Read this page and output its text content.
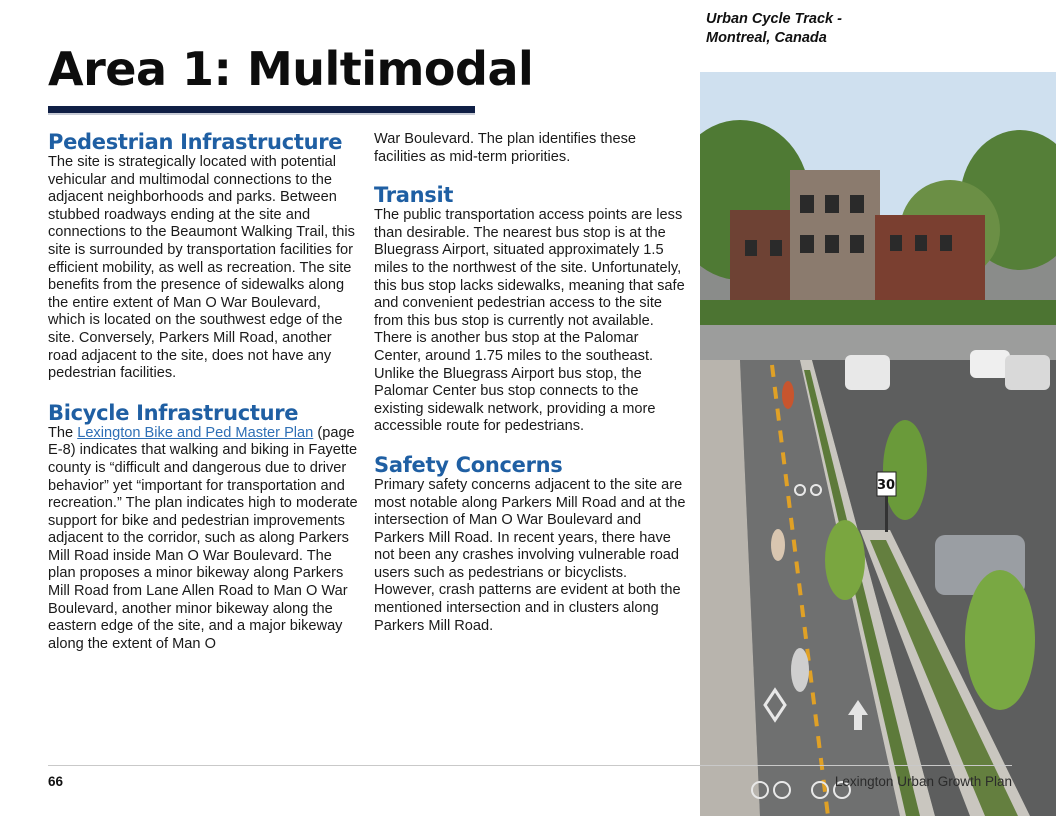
Area 1: Multimodal
Pedestrian Infrastructure

The site is strategically located with potential vehicular and multimodal connections to the adjacent neighborhoods and parks. Between stubbed roadways ending at the site and connections to the Beaumont Walking Trail, this site is surrounded by transportation facilities for efficient mobility, as well as recreation. The site benefits from the presence of sidewalks along the entire extent of Man O War Boulevard, which is located on the southwest edge of the site. Conversely, Parkers Mill Road, another road adjacent to the site, does not have any pedestrian facilities.

Bicycle Infrastructure

The Lexington Bike and Ped Master Plan (page E-8) indicates that walking and biking in Fayette county is “difficult and dangerous due to driver behavior” yet “important for transportation and recreation.” The plan indicates high to moderate support for bike and pedestrian improvements adjacent to the corridor, such as along Parkers Mill Road inside Man O War Boulevard. The plan proposes a minor bikeway along Parkers Mill Road from Lane Allen Road to Man O War Boulevard, another minor bikeway along the eastern edge of the site, and a major bikeway along the extent of Man O

War Boulevard. The plan identifies these facilities as mid-term priorities.

Transit

The public transportation access points are less than desirable. The nearest bus stop is at the Bluegrass Airport, situated approximately 1.5 miles to the northwest of the site. Unfortunately, this bus stop lacks sidewalks, meaning that safe and convenient pedestrian access to the site from this bus stop is currently not available. There is another bus stop at the Palomar Center, around 1.75 miles to the southeast. Unlike the Bluegrass Airport bus stop, the Palomar Center bus stop connects to the existing sidewalk network, providing a more accessible route for pedestrians.

Safety Concerns

Primary safety concerns adjacent to the site are most notable along Parkers Mill Road and at the intersection of Man O War Boulevard and Parkers Mill Road. In recent years, there have not been any crashes involving vulnerable road users such as pedestrians or bicyclists. However, crash patterns are evident at both the mentioned intersection and in clusters along Parkers Mill Road.

30
Urban Cycle Track - Montreal, Canada
66	Lexington Urban Growth Plan
